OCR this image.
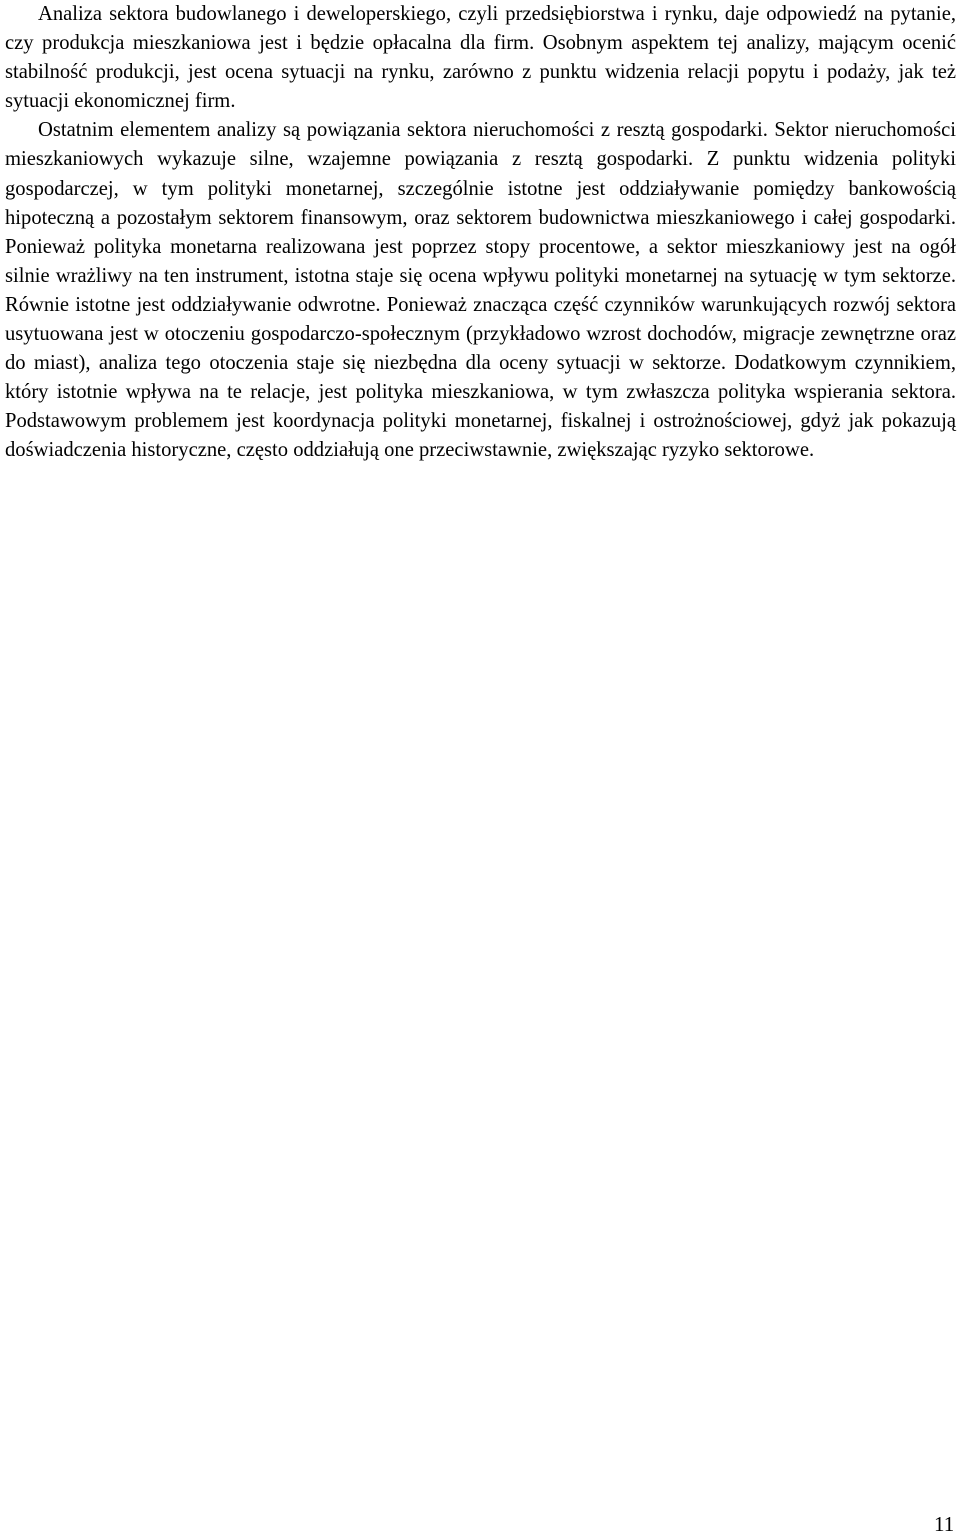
Analiza sektora budowlanego i deweloperskiego, czyli przedsiębiorstwa i rynku, daje odpowiedź na pytanie, czy produkcja mieszkaniowa jest i będzie opłacalna dla firm. Osobnym aspektem tej analizy, mającym ocenić stabilność produkcji, jest ocena sytuacji na rynku, zarówno z punktu widzenia relacji popytu i podaży, jak też sytuacji ekonomicznej firm.

Ostatnim elementem analizy są powiązania sektora nieruchomości z resztą gospodarki. Sektor nieruchomości mieszkaniowych wykazuje silne, wzajemne powiązania z resztą gospodarki. Z punktu widzenia polityki gospodarczej, w tym polityki monetarnej, szczególnie istotne jest oddziaływanie pomiędzy bankowością hipoteczną a pozostałym sektorem finansowym, oraz sektorem budownictwa mieszkaniowego i całej gospodarki. Ponieważ polityka monetarna realizowana jest poprzez stopy procentowe, a sektor mieszkaniowy jest na ogół silnie wrażliwy na ten instrument, istotna staje się ocena wpływu polityki monetarnej na sytuację w tym sektorze. Równie istotne jest oddziaływanie odwrotne. Ponieważ znacząca część czynników warunkujących rozwój sektora usytuowana jest w otoczeniu gospodarczo-społecznym (przykładowo wzrost dochodów, migracje zewnętrzne oraz do miast), analiza tego otoczenia staje się niezbędna dla oceny sytuacji w sektorze. Dodatkowym czynnikiem, który istotnie wpływa na te relacje, jest polityka mieszkaniowa, w tym zwłaszcza polityka wspierania sektora. Podstawowym problemem jest koordynacja polityki monetarnej, fiskalnej i ostrożnościowej, gdyż jak pokazują doświadczenia historyczne, często oddziałują one przeciwstawnie, zwiększając ryzyko sektorowe.

11
